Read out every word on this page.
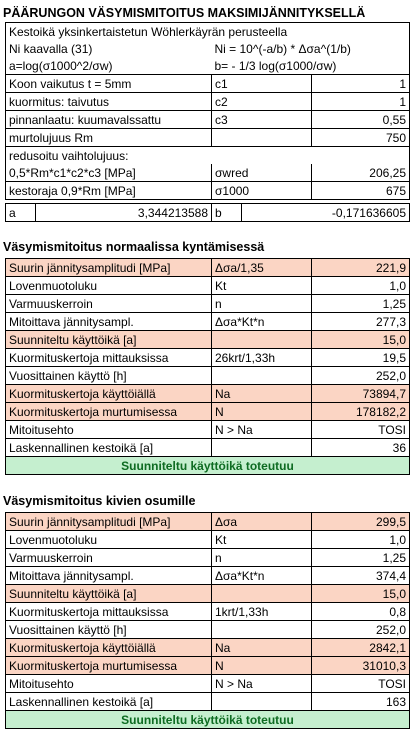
PÄÄRUNGON VÄSYMISMITOITUS MAKSIMIJÄNNITYKSELLÄ
Kestoikä yksinkertaistetun Wöhlerkäyrän perusteella		
Ni kaavalla (31)	Ni = 10^(-a/b) * Δσa^(1/b)	
a=log(σ1000^2/σw)	b= - 1/3 log(σ1000/σw)	
Koon vaikutus t = 5mm	c1	1
kuormitus: taivutus	c2	1
pinnanlaatu: kuumavalssattu	c3	0,55
murtolujuus Rm		750
redusoitu vaihtolujuus:		
0,5*Rm*c1*c2*c3 [MPa]	σwred	206,25
kestoraja 0,9*Rm [MPa]	σ1000	675
a	3,344213588	b	-0,171636605
Väsymismitoitus normaalissa kyntämisessä
Suurin jännitysamplitudi [MPa]	Δσa/1,35	221,9
Lovenmuotoluku	Kt	1,0
Varmuuskerroin	n	1,25
Mitoittava jännitysampl.	Δσa*Kt*n	277,3
Suunniteltu käyttöikä [a]		15,0
Kuormituskertoja mittauksissa	26krt/1,33h	19,5
Vuosittainen käyttö [h]		252,0
Kuormituskertoja käyttöiällä	Na	73894,7
Kuormituskertoja murtumisessa	N	178182,2
Mitoitusehto	N > Na	TOSI
Laskennallinen kestoikä [a]		36
Suunniteltu käyttöikä toteutuu		
Väsymismitoitus kivien osumille
Suurin jännitysamplitudi [MPa]	Δσa	299,5
Lovenmuotoluku	Kt	1,0
Varmuuskerroin	n	1,25
Mitoittava jännitysampl.	Δσa*Kt*n	374,4
Suunniteltu käyttöikä [a]		15,0
Kuormituskertoja mittauksissa	1krt/1,33h	0,8
Vuosittainen käyttö [h]		252,0
Kuormituskertoja käyttöiällä	Na	2842,1
Kuormituskertoja murtumisessa	N	31010,3
Mitoitusehto	N > Na	TOSI
Laskennallinen kestoikä [a]		163
Suunniteltu käyttöikä toteutuu		
